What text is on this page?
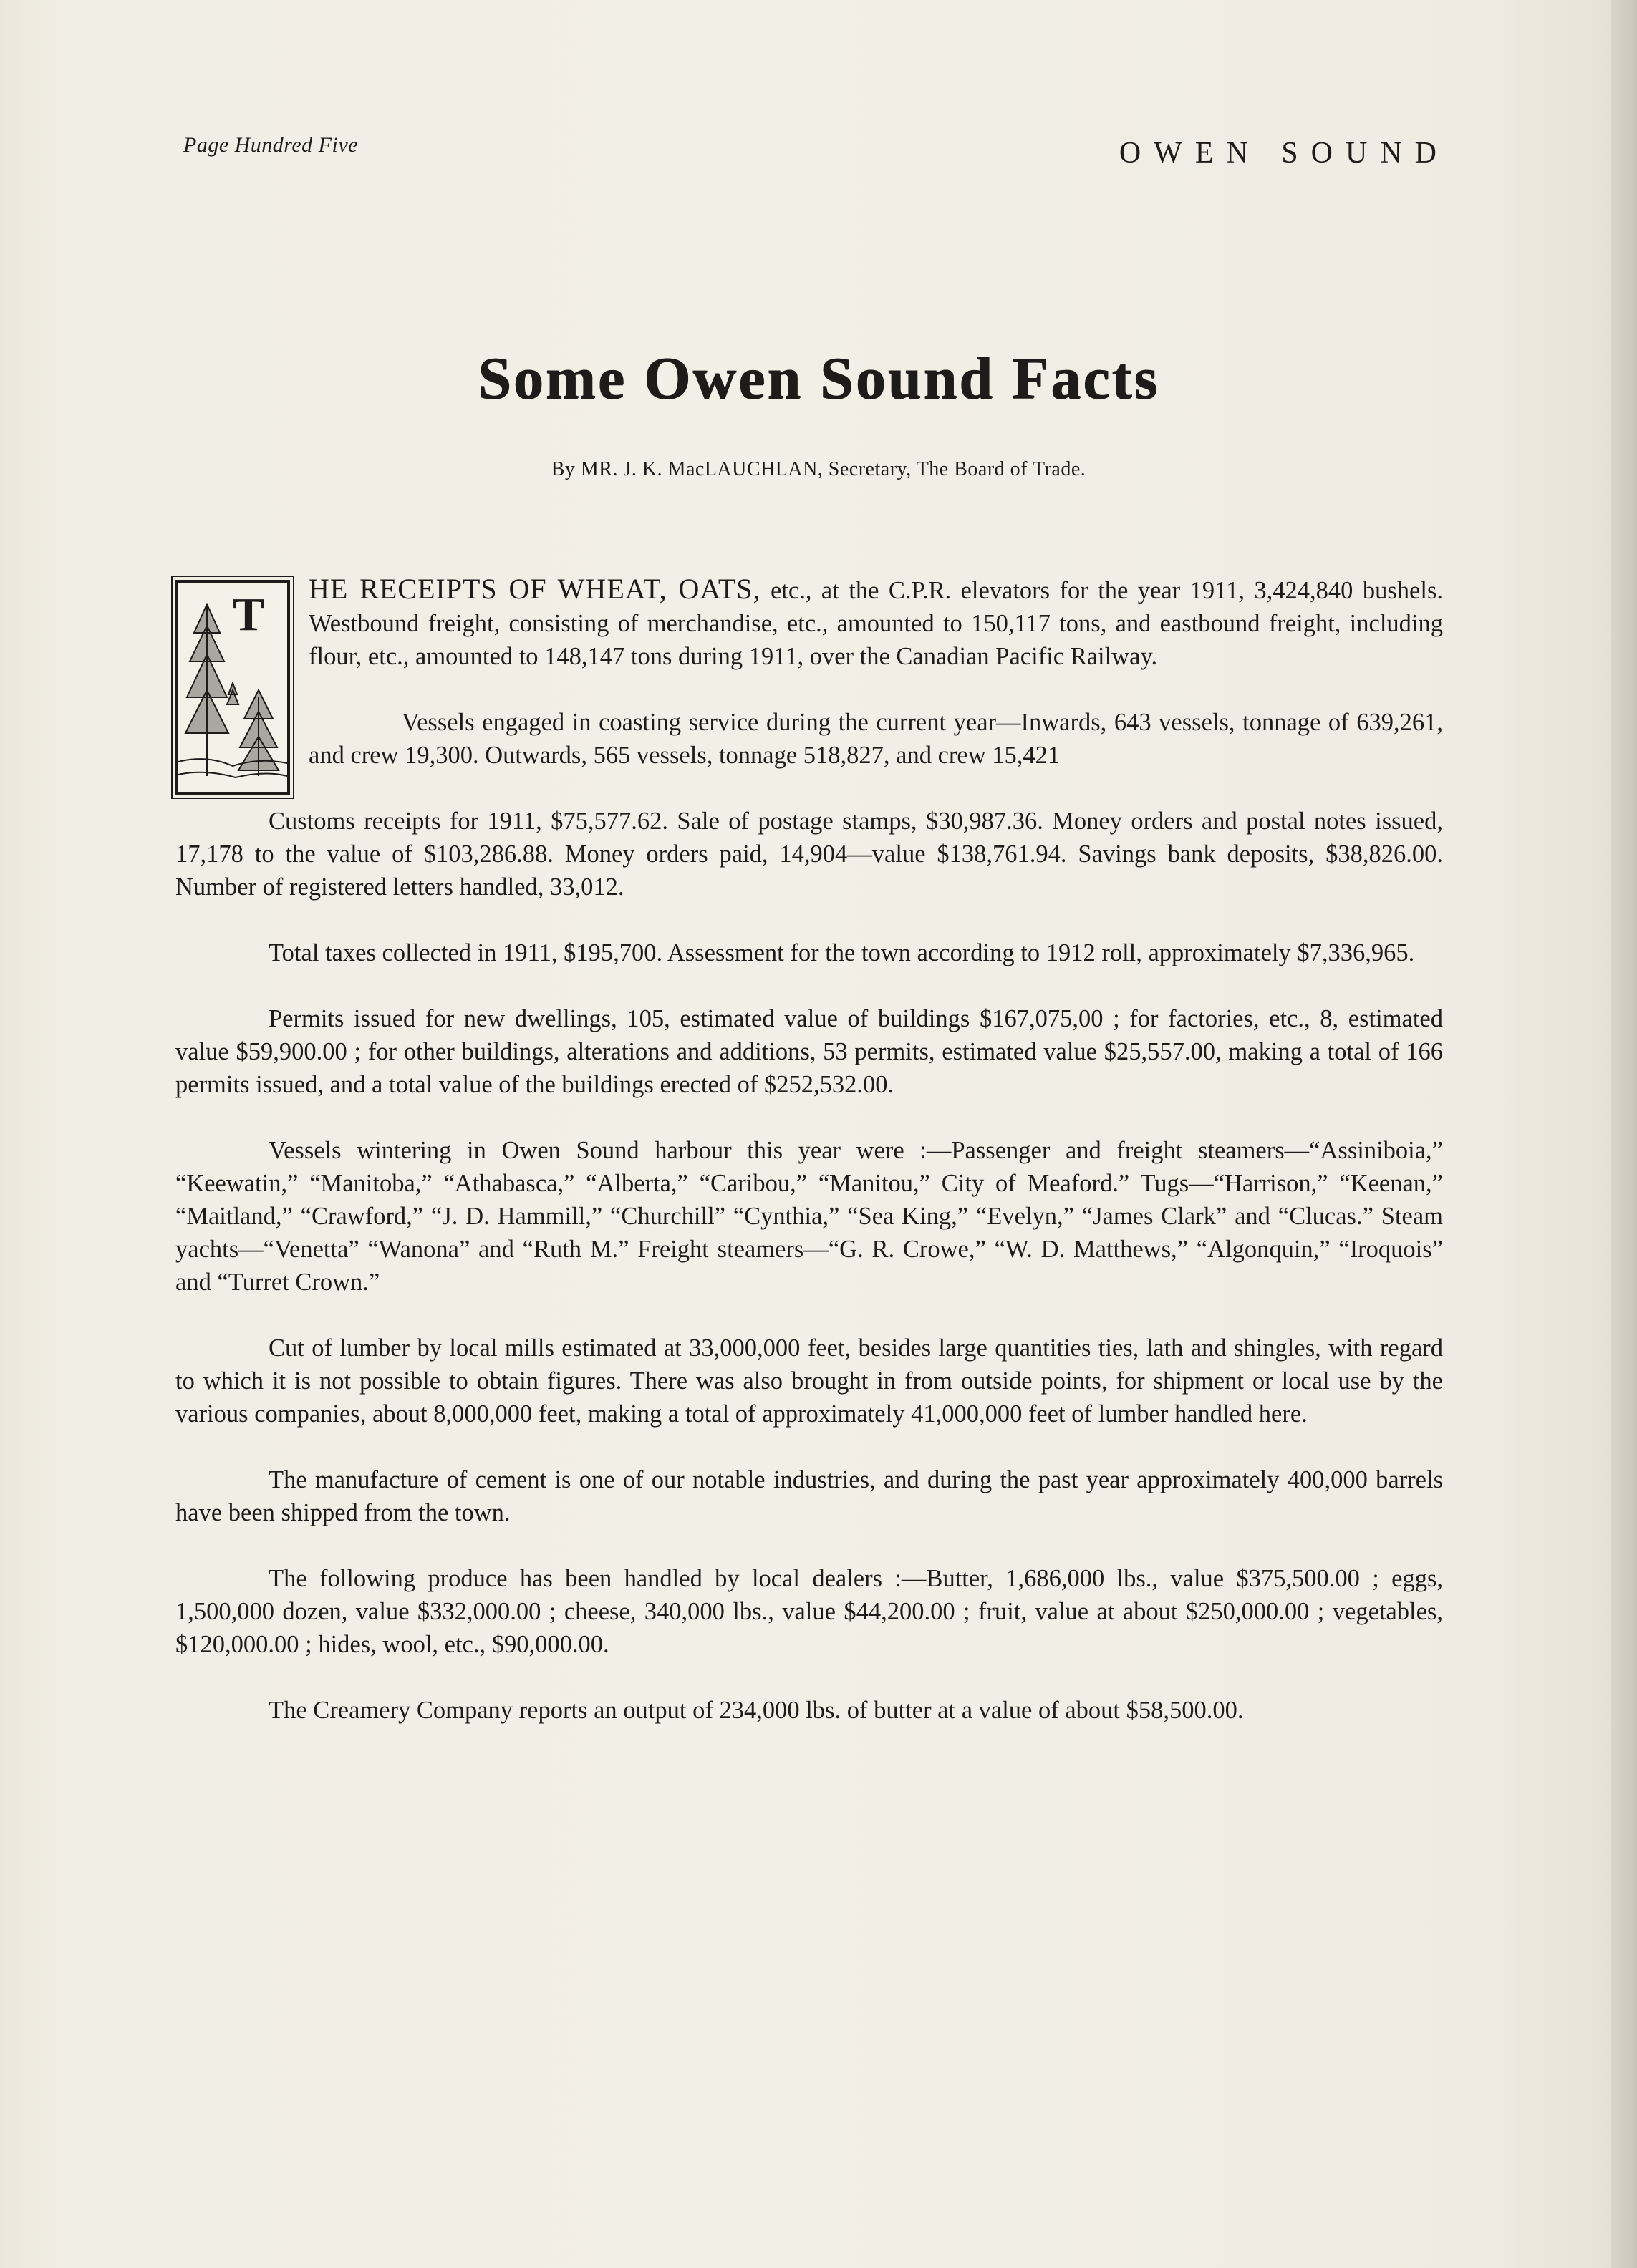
Page Hundred Five	OWEN SOUND
Some Owen Sound Facts
By MR. J. K. MacLAUCHLAN, Secretary, The Board of Trade.

T HE RECEIPTS OF WHEAT, OATS, etc., at the C.P.R. elevators for the year 1911, 3,424,840 bushels. Westbound freight, consisting of merchandise, etc., amounted to 150,117 tons, and eastbound freight, including flour, etc., amounted to 148,147 tons during 1911, over the Canadian Pacific Railway.

Vessels engaged in coasting service during the current year—Inwards, 643 vessels, tonnage of 639,261, and crew 19,300. Outwards, 565 vessels, tonnage 518,827, and crew 15,421

Customs receipts for 1911, $75,577.62. Sale of postage stamps, $30,987.36. Money orders and postal notes issued, 17,178 to the value of $103,286.88. Money orders paid, 14,904—value $138,761.94. Savings bank deposits, $38,826.00. Number of registered letters handled, 33,012.

Total taxes collected in 1911, $195,700. Assessment for the town according to 1912 roll, approximately $7,336,965.

Permits issued for new dwellings, 105, estimated value of buildings $167,075,00 ; for factories, etc., 8, estimated value $59,900.00 ; for other buildings, alterations and additions, 53 permits, estimated value $25,557.00, making a total of 166 permits issued, and a total value of the buildings erected of $252,532.00.

Vessels wintering in Owen Sound harbour this year were :—Passenger and freight steamers—“Assiniboia,” “Keewatin,” “Manitoba,” “Athabasca,” “Alberta,” “Caribou,” “Manitou,” City of Meaford.” Tugs—“Harrison,” “Keenan,” “Maitland,” “Crawford,” “J. D. Hammill,” “Churchill” “Cynthia,” “Sea King,” “Evelyn,” “James Clark” and “Clucas.” Steam yachts—“Venetta” “Wanona” and “Ruth M.” Freight steamers—“G. R. Crowe,” “W. D. Matthews,” “Algonquin,” “Iroquois” and “Turret Crown.”

Cut of lumber by local mills estimated at 33,000,000 feet, besides large quantities ties, lath and shingles, with regard to which it is not possible to obtain figures. There was also brought in from outside points, for shipment or local use by the various companies, about 8,000,000 feet, making a total of approximately 41,000,000 feet of lumber handled here.

The manufacture of cement is one of our notable industries, and during the past year approximately 400,000 barrels have been shipped from the town.

The following produce has been handled by local dealers :—Butter, 1,686,000 lbs., value $375,500.00 ; eggs, 1,500,000 dozen, value $332,000.00 ; cheese, 340,000 lbs., value $44,200.00 ; fruit, value at about $250,000.00 ; vegetables, $120,000.00 ; hides, wool, etc., $90,000.00.

The Creamery Company reports an output of 234,000 lbs. of butter at a value of about $58,500.00.
